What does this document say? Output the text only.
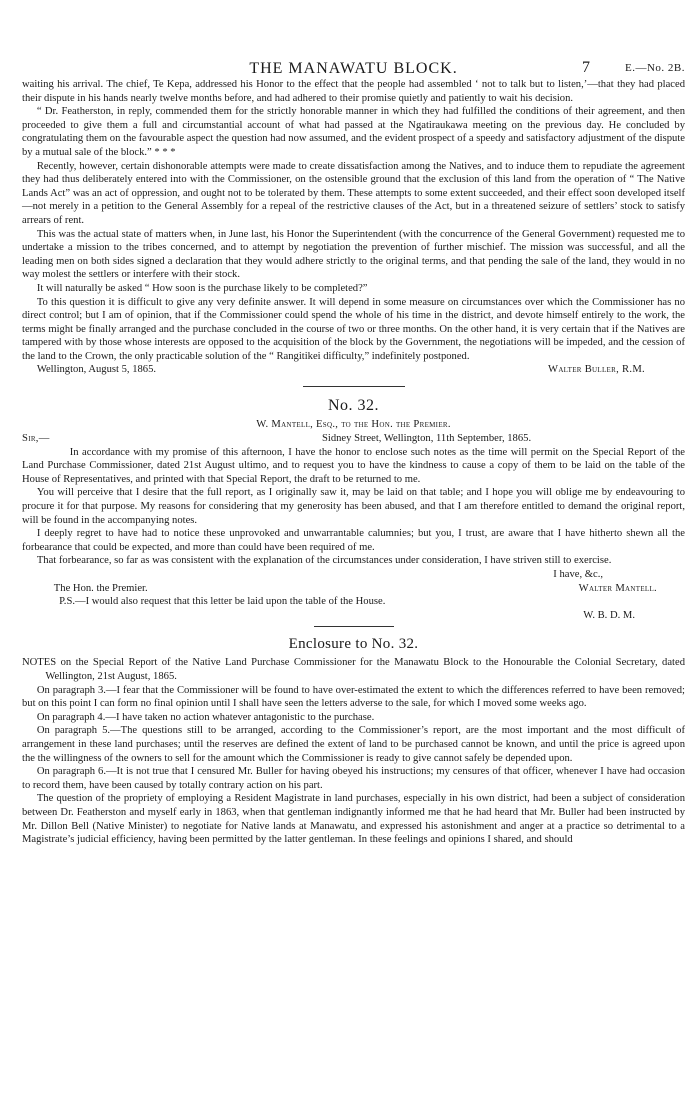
THE MANAWATU BLOCK.	7	E.—No. 2B.

waiting his arrival. The chief, Te Kepa, addressed his Honor to the effect that the people had assembled ‘ not to talk but to listen,’—that they had placed their dispute in his hands nearly twelve months before, and had adhered to their promise quietly and patiently to wait his decision.

“ Dr. Featherston, in reply, commended them for the strictly honorable manner in which they had fulfilled the conditions of their agreement, and then proceeded to give them a full and circumstantial account of what had passed at the Ngatiraukawa meeting on the previous day. He concluded by congratulating them on the favourable aspect the question had now assumed, and the evident prospect of a speedy and satisfactory adjustment of the dispute by a mutual sale of the block.” * * *

Recently, however, certain dishonorable attempts were made to create dissatisfaction among the Natives, and to induce them to repudiate the agreement they had thus deliberately entered into with the Commissioner, on the ostensible ground that the exclusion of this land from the operation of “ The Native Lands Act” was an act of oppression, and ought not to be tolerated by them. These attempts to some extent succeeded, and their effect soon developed itself—not merely in a petition to the General Assembly for a repeal of the restrictive clauses of the Act, but in a threatened seizure of settlers’ stock to satisfy arrears of rent.

This was the actual state of matters when, in June last, his Honor the Superintendent (with the concurrence of the General Government) requested me to undertake a mission to the tribes concerned, and to attempt by negotiation the prevention of further mischief. The mission was successful, and all the leading men on both sides signed a declaration that they would adhere strictly to the original terms, and that pending the sale of the land, they would in no way molest the settlers or interfere with their stock.

It will naturally be asked “ How soon is the purchase likely to be completed?”

To this question it is difficult to give any very definite answer. It will depend in some measure on circumstances over which the Commissioner has no direct control; but I am of opinion, that if the Commissioner could spend the whole of his time in the district, and devote himself entirely to the work, the terms might be finally arranged and the purchase concluded in the course of two or three months. On the other hand, it is very certain that if the Natives are tampered with by those whose interests are opposed to the acquisition of the block by the Government, the negotiations will be impeded, and the cession of the land to the Crown, the only practicable solution of the “ Rangitikei difficulty,” indefinitely postponed.

Wellington, August 5, 1865.	Walter Buller, R.M.
No. 32.
W. Mantell, Esq., to the Hon. the Premier.
Sir,—	Sidney Street, Wellington, 11th September, 1865.

In accordance with my promise of this afternoon, I have the honor to enclose such notes as the time will permit on the Special Report of the Land Purchase Commissioner, dated 21st August ultimo, and to request you to have the kindness to cause a copy of them to be laid on the table of the House of Representatives, and printed with that Special Report, the draft to be returned to me.

You will perceive that I desire that the full report, as I originally saw it, may be laid on that table; and I hope you will oblige me by endeavouring to procure it for that purpose. My reasons for considering that my generosity has been abused, and that I am therefore entitled to demand the original report, will be found in the accompanying notes.

I deeply regret to have had to notice these unprovoked and unwarrantable calumnies; but you, I trust, are aware that I have hitherto shewn all the forbearance that could be expected, and more than could have been required of me.

That forbearance, so far as was consistent with the explanation of the circumstances under consideration, I have striven still to exercise.

I have, &c.,
The Hon. the Premier.	Walter Mantell.
P.S.—I would also request that this letter be laid upon the table of the House.
W. B. D. M.
Enclosure to No. 32.

NOTES on the Special Report of the Native Land Purchase Commissioner for the Manawatu Block to the Honourable the Colonial Secretary, dated Wellington, 21st August, 1865.

On paragraph 3.—I fear that the Commissioner will be found to have over-estimated the extent to which the differences referred to have been removed; but on this point I can form no final opinion until I shall have seen the letters adverse to the sale, for which I moved some weeks ago.

On paragraph 4.—I have taken no action whatever antagonistic to the purchase.

On paragraph 5.—The questions still to be arranged, according to the Commissioner’s report, are the most important and the most difficult of arrangement in these land purchases; until the reserves are defined the extent of land to be purchased cannot be known, and until the price is agreed upon the the willingness of the owners to sell for the amount which the Commissioner is ready to give cannot safely be depended upon.

On paragraph 6.—It is not true that I censured Mr. Buller for having obeyed his instructions; my censures of that officer, whenever I have had occasion to record them, have been caused by totally contrary action on his part.

The question of the propriety of employing a Resident Magistrate in land purchases, especially in his own district, had been a subject of consideration between Dr. Featherston and myself early in 1863, when that gentleman indignantly informed me that he had heard that Mr. Buller had been instructed by Mr. Dillon Bell (Native Minister) to negotiate for Native lands at Manawatu, and expressed his astonishment and anger at a practice so detrimental to a Magistrate’s judicial efficiency, having been permitted by the latter gentleman. In these feelings and opinions I shared, and should
